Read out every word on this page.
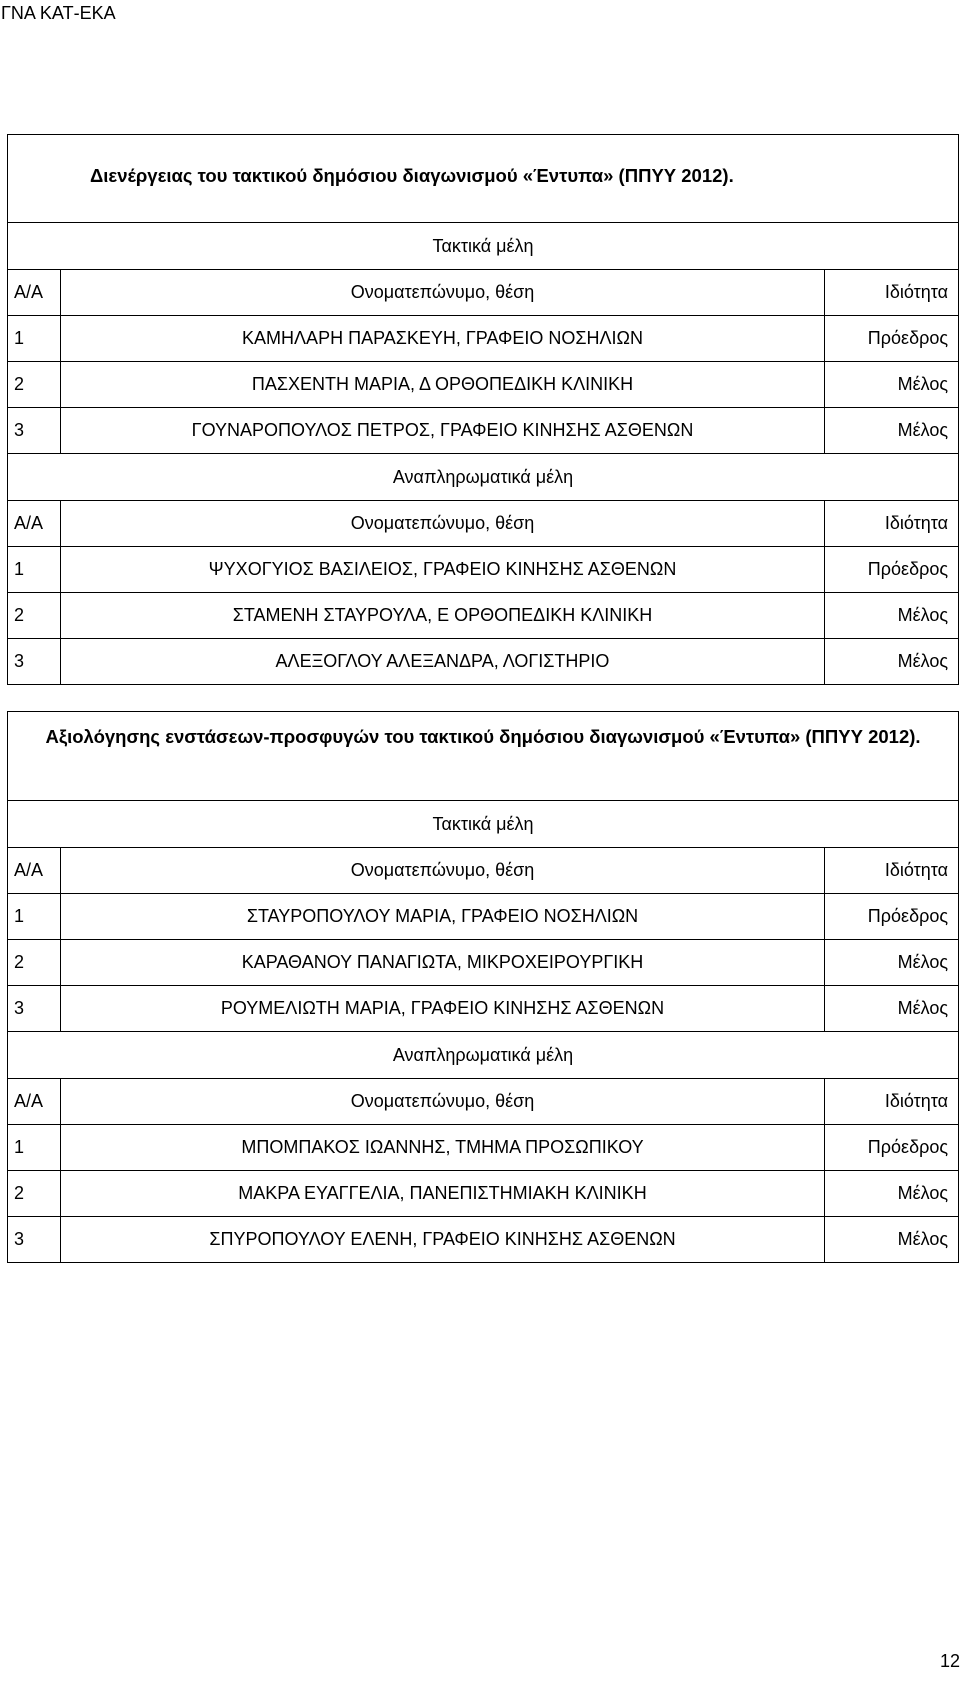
ΓΝΑ ΚΑΤ-ΕΚΑ
Διενέργειας του τακτικού δημόσιου διαγωνισμού «Έντυπα» (ΠΠΥΥ 2012).		
Τακτικά μέλη		
Α/Α	Ονοματεπώνυμο, θέση	Ιδιότητα
1	ΚΑΜΗΛΑΡΗ ΠΑΡΑΣΚΕΥΗ, ΓΡΑΦΕΙΟ ΝΟΣΗΛΙΩΝ	Πρόεδρος
2	ΠΑΣΧΕΝΤΗ ΜΑΡΙΑ, Δ ΟΡΘΟΠΕΔΙΚΗ ΚΛΙΝΙΚΗ	Μέλος
3	ΓΟΥΝΑΡΟΠΟΥΛΟΣ ΠΕΤΡΟΣ, ΓΡΑΦΕΙΟ ΚΙΝΗΣΗΣ ΑΣΘΕΝΩΝ	Μέλος
Αναπληρωματικά μέλη		
Α/Α	Ονοματεπώνυμο, θέση	Ιδιότητα
1	ΨΥΧΟΓΥΙΟΣ ΒΑΣΙΛΕΙΟΣ, ΓΡΑΦΕΙΟ ΚΙΝΗΣΗΣ ΑΣΘΕΝΩΝ	Πρόεδρος
2	ΣΤΑΜΕΝΗ ΣΤΑΥΡΟΥΛΑ, Ε ΟΡΘΟΠΕΔΙΚΗ ΚΛΙΝΙΚΗ	Μέλος
3	ΑΛΕΞΟΓΛΟΥ ΑΛΕΞΑΝΔΡΑ, ΛΟΓΙΣΤΗΡΙΟ	Μέλος
Αξιολόγησης ενστάσεων-προσφυγών του τακτικού δημόσιου διαγωνισμού «Έντυπα» (ΠΠΥΥ 2012).		
Τακτικά μέλη		
Α/Α	Ονοματεπώνυμο, θέση	Ιδιότητα
1	ΣΤΑΥΡΟΠΟΥΛΟΥ ΜΑΡΙΑ, ΓΡΑΦΕΙΟ ΝΟΣΗΛΙΩΝ	Πρόεδρος
2	ΚΑΡΑΘΑΝΟΥ ΠΑΝΑΓΙΩΤΑ, ΜΙΚΡΟΧΕΙΡΟΥΡΓΙΚΗ	Μέλος
3	ΡΟΥΜΕΛΙΩΤΗ ΜΑΡΙΑ, ΓΡΑΦΕΙΟ ΚΙΝΗΣΗΣ ΑΣΘΕΝΩΝ	Μέλος
Αναπληρωματικά μέλη		
Α/Α	Ονοματεπώνυμο, θέση	Ιδιότητα
1	ΜΠΟΜΠΑΚΟΣ ΙΩΑΝΝΗΣ, ΤΜΗΜΑ ΠΡΟΣΩΠΙΚΟΥ	Πρόεδρος
2	ΜΑΚΡΑ ΕΥΑΓΓΕΛΙΑ, ΠΑΝΕΠΙΣΤΗΜΙΑΚΗ ΚΛΙΝΙΚΗ	Μέλος
3	ΣΠΥΡΟΠΟΥΛΟΥ ΕΛΕΝΗ, ΓΡΑΦΕΙΟ ΚΙΝΗΣΗΣ ΑΣΘΕΝΩΝ	Μέλος
12
